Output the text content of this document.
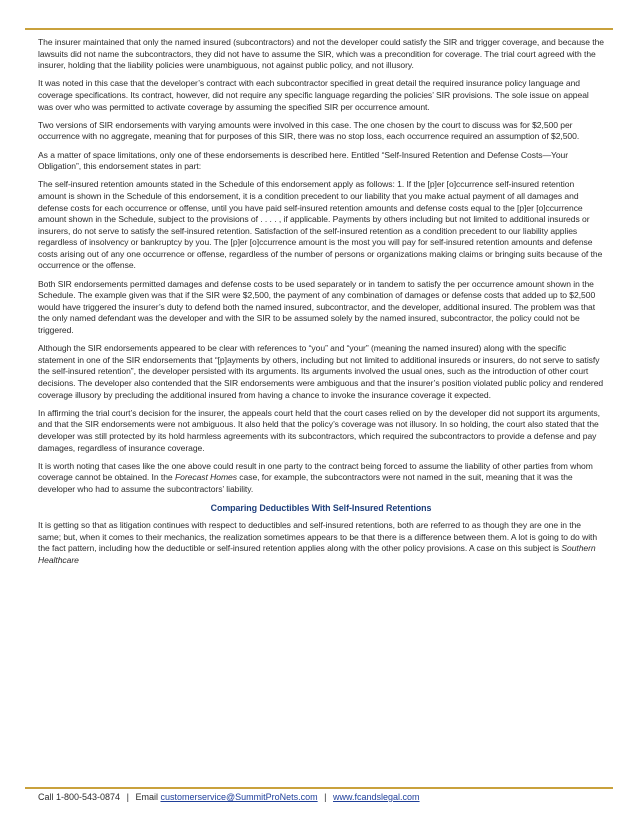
The insurer maintained that only the named insured (subcontractors) and not the developer could satisfy the SIR and trigger coverage, and because the lawsuits did not name the subcontractors, they did not have to assume the SIR, which was a precondition for coverage. The trial court agreed with the insurer, holding that the liability policies were unambiguous, not against public policy, and not illusory.

It was noted in this case that the developer’s contract with each subcontractor specified in great detail the required insurance policy language and coverage specifications. Its contract, however, did not require any specific language regarding the policies’ SIR provisions. The sole issue on appeal was over who was permitted to activate coverage by assuming the specified SIR per occurrence amount.

Two versions of SIR endorsements with varying amounts were involved in this case. The one chosen by the court to discuss was for $2,500 per occurrence with no aggregate, meaning that for purposes of this SIR, there was no stop loss, each occurrence required an assumption of $2,500.

As a matter of space limitations, only one of these endorsements is described here. Entitled “Self-Insured Retention and Defense Costs—Your Obligation”, this endorsement states in part:

The self-insured retention amounts stated in the Schedule of this endorsement apply as follows: 1. If the [p]er [o]ccurrence self-insured retention amount is shown in the Schedule of this endorsement, it is a condition precedent to our liability that you make actual payment of all damages and defense costs for each occurrence or offense, until you have paid self-insured retention amounts and defense costs equal to the [p]er [o]ccurrence amount shown in the Schedule, subject to the provisions of . . . . , if applicable. Payments by others including but not limited to additional insureds or insurers, do not serve to satisfy the self-insured retention. Satisfaction of the self-insured retention as a condition precedent to our liability applies regardless of insolvency or bankruptcy by you. The [p]er [o]ccurrence amount is the most you will pay for self-insured retention amounts and defense costs arising out of any one occurrence or offense, regardless of the number of persons or organizations making claims or bringing suits because of the occurrence or the offense.

Both SIR endorsements permitted damages and defense costs to be used separately or in tandem to satisfy the per occurrence amount shown in the Schedule. The example given was that if the SIR were $2,500, the payment of any combination of damages or defense costs that added up to $2,500 would have triggered the insurer’s duty to defend both the named insured, subcontractor, and the developer, additional insured. The problem was that the only named defendant was the developer and with the SIR to be assumed solely by the named insured, subcontractor, the policy could not be triggered.

Although the SIR endorsements appeared to be clear with references to “you” and “your” (meaning the named insured) along with the specific statement in one of the SIR endorsements that “[p]ayments by others, including but not limited to additional insureds or insurers, do not serve to satisfy the self-insured retention”, the developer persisted with its arguments. Its arguments involved the usual ones, such as the introduction of other court decisions. The developer also contended that the SIR endorsements were ambiguous and that the insurer’s position violated public policy and rendered coverage illusory by precluding the additional insured from having a chance to invoke the insurance coverage it expected.

In affirming the trial court’s decision for the insurer, the appeals court held that the court cases relied on by the developer did not support its arguments, and that the SIR endorsements were not ambiguous. It also held that the policy’s coverage was not illusory. In so holding, the court also stated that the developer was still protected by its hold harmless agreements with its subcontractors, which required the subcontractors to provide a defense and pay damages, regardless of insurance coverage.

It is worth noting that cases like the one above could result in one party to the contract being forced to assume the liability of other parties from whom coverage cannot be obtained. In the Forecast Homes case, for example, the subcontractors were not named in the suit, meaning that it was the developer who had to assume the subcontractors’ liability.

Comparing Deductibles With Self-Insured Retentions

It is getting so that as litigation continues with respect to deductibles and self-insured retentions, both are referred to as though they are one in the same; but, when it comes to their mechanics, the realization sometimes appears to be that there is a difference between them. A lot is going to do with the fact pattern, including how the deductible or self-insured retention applies along with the other policy provisions. A case on this subject is Southern Healthcare

Call 1-800-543-0874 | Email customerservice@SummitProNets.com | www.fcandslegal.com
